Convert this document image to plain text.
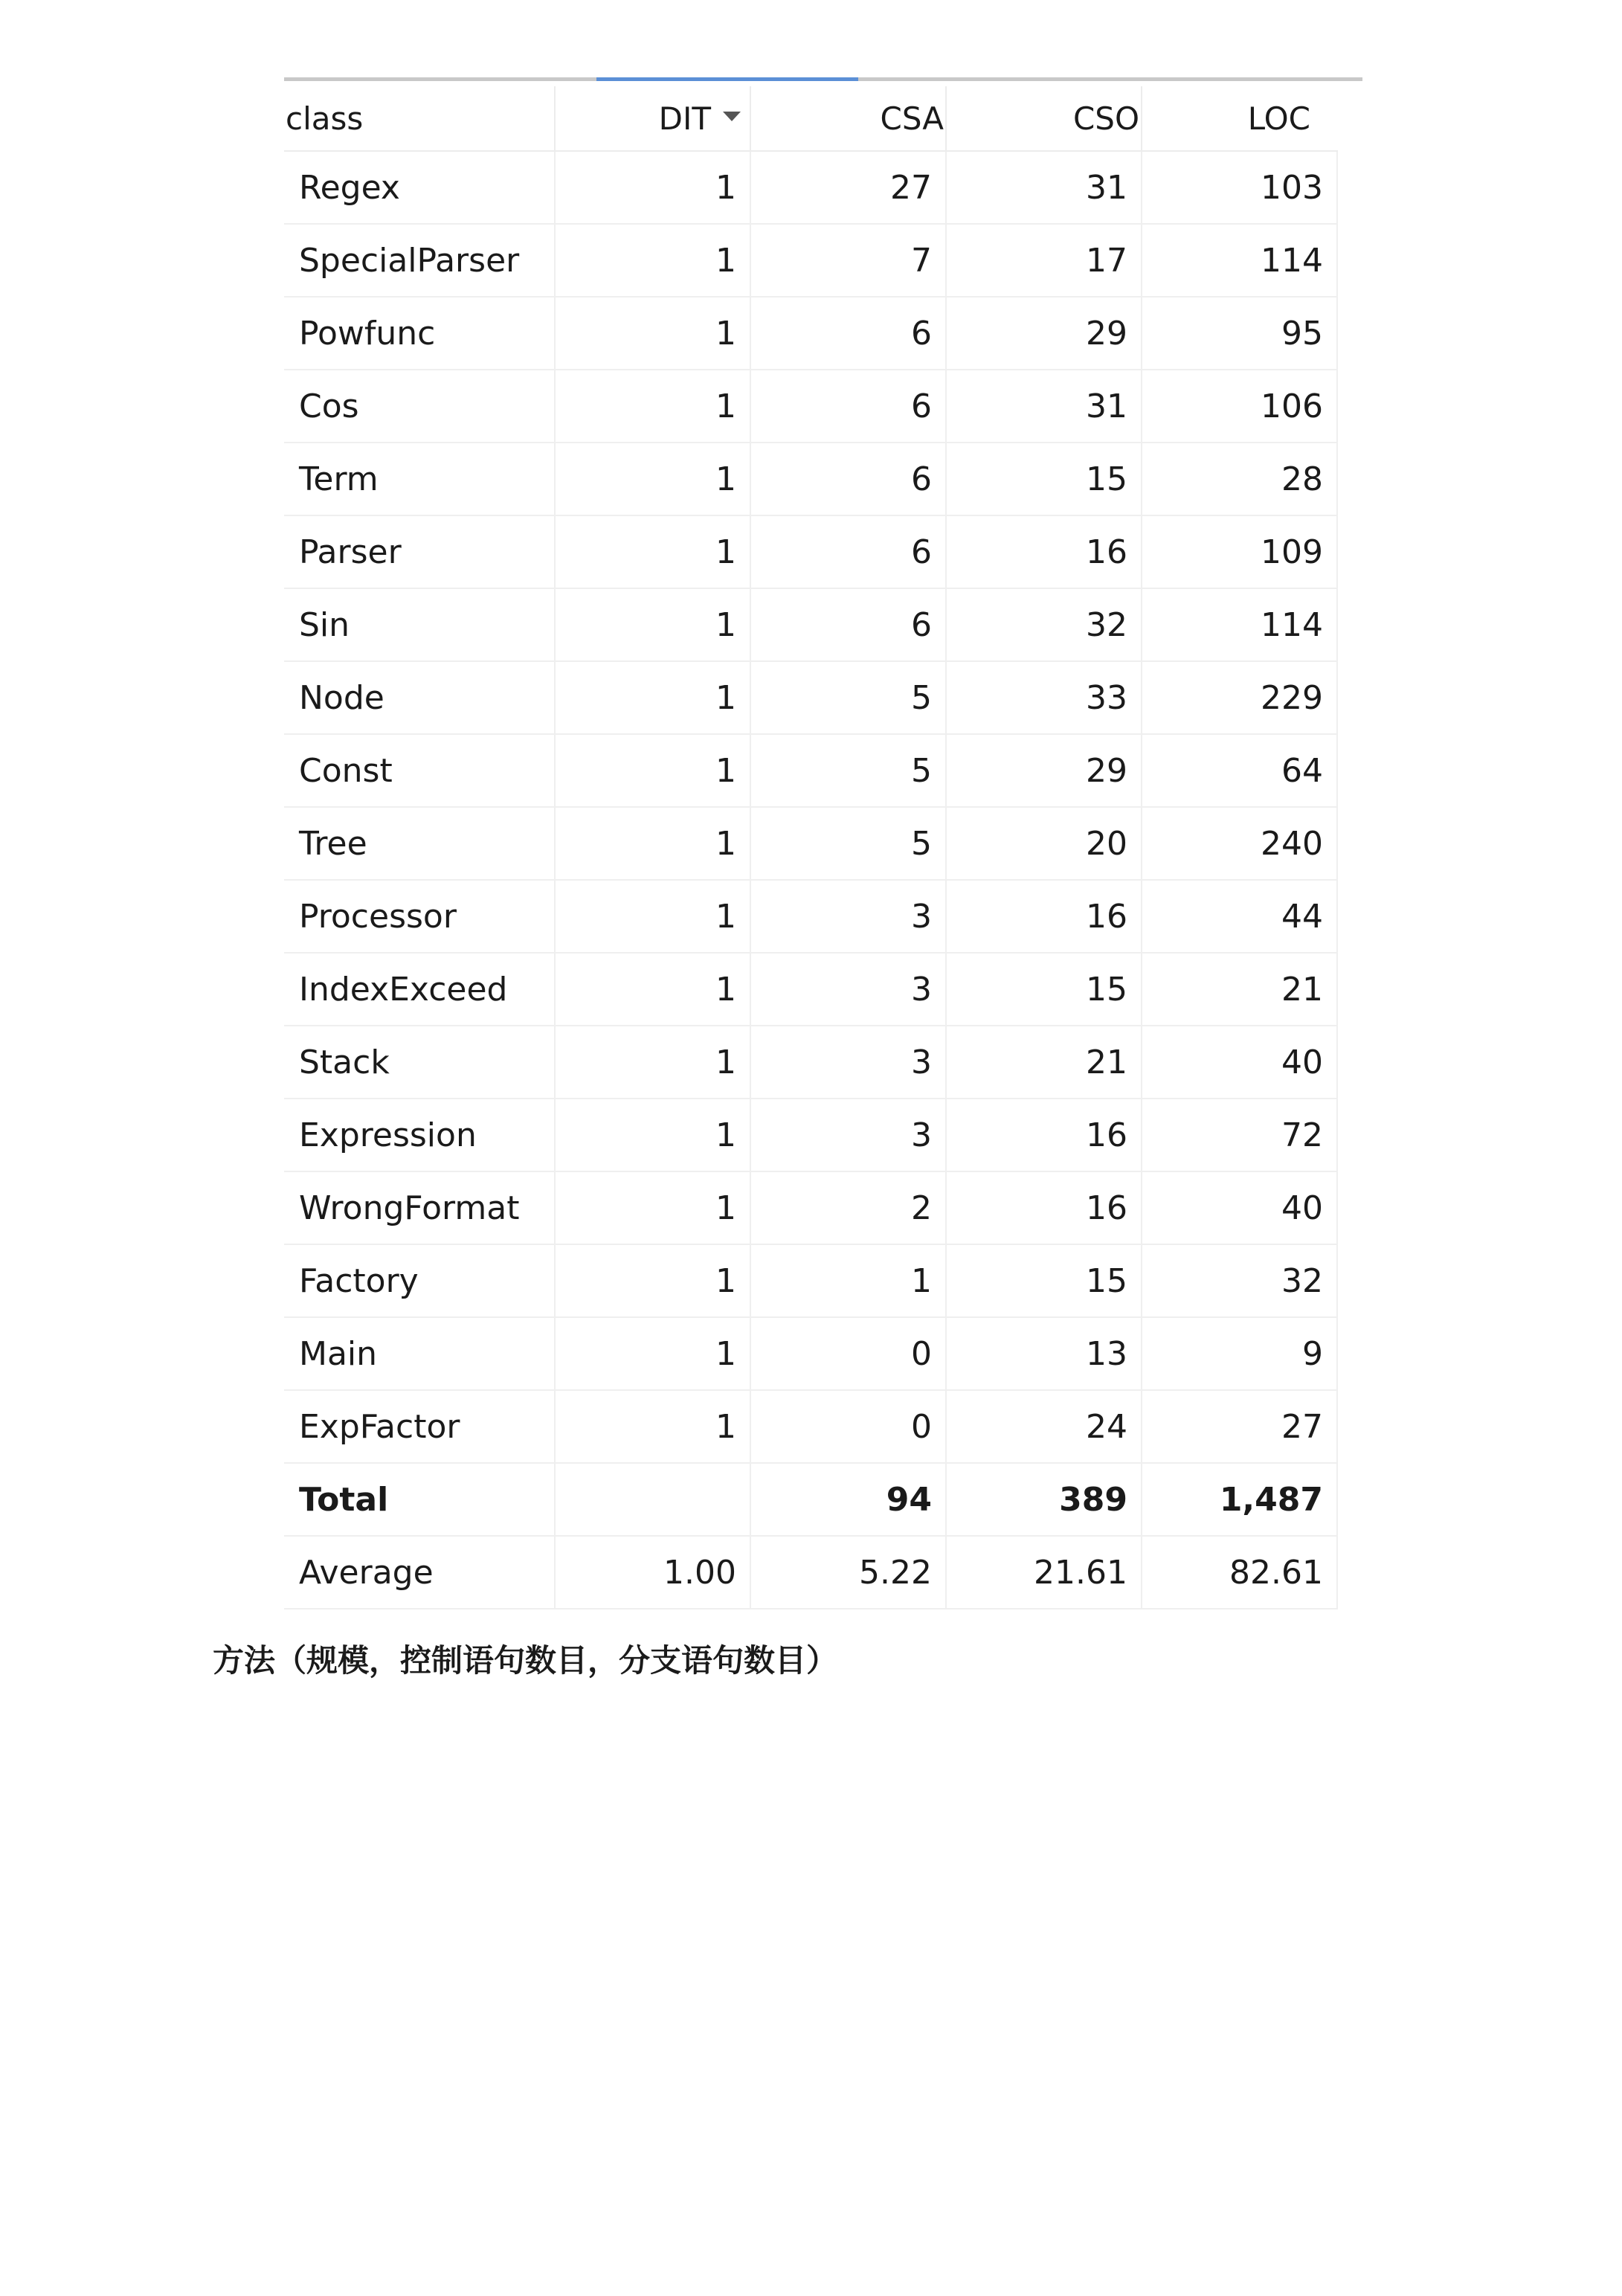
class	DIT	CSA	CSO	LOC
Regex	1	27	31	103
SpecialParser	1	7	17	114
Powfunc	1	6	29	95
Cos	1	6	31	106
Term	1	6	15	28
Parser	1	6	16	109
Sin	1	6	32	114
Node	1	5	33	229
Const	1	5	29	64
Tree	1	5	20	240
Processor	1	3	16	44
IndexExceed	1	3	15	21
Stack	1	3	21	40
Expression	1	3	16	72
WrongFormat	1	2	16	40
Factory	1	1	15	32
Main	1	0	13	9
ExpFactor	1	0	24	27
Total		94	389	1,487
Average	1.00	5.22	21.61	82.61
方法（规模，控制语句数目，分支语句数目）
